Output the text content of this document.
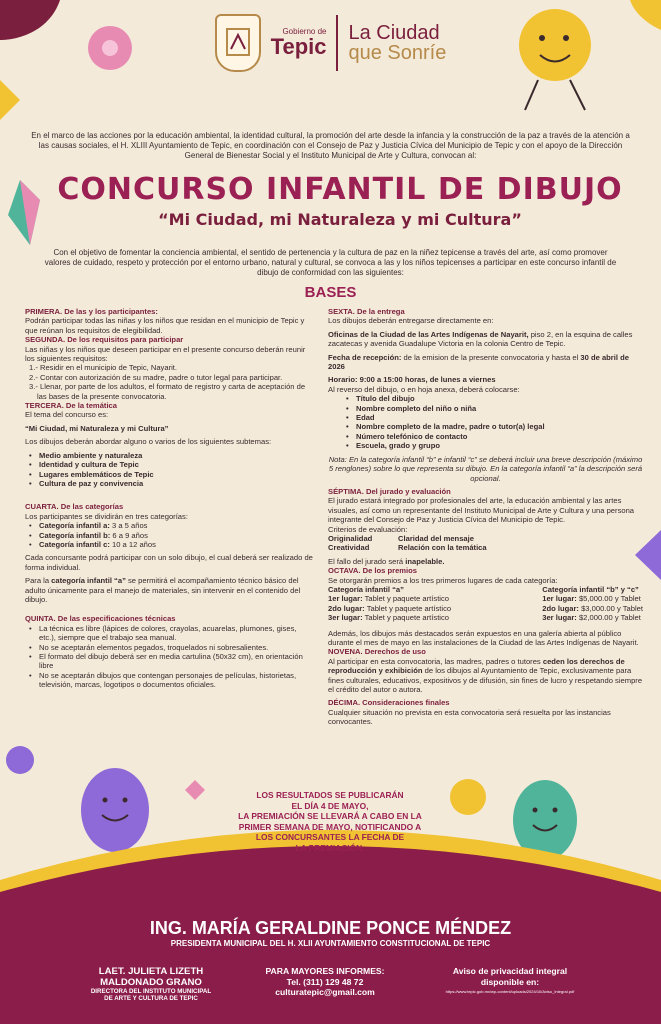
Gobierno de
Tepic
La Ciudad
que Sonríe
En el marco de las acciones por la educación ambiental, la identidad cultural, la promoción del arte desde la infancia y la construcción de la paz a través de la atención a las causas sociales, el H. XLIII Ayuntamiento de Tepic, en coordinación con el Consejo de Paz y Justicia Cívica del Municipio de Tepic y con el apoyo de la Dirección General de Bienestar Social y el Instituto Municipal de Arte y Cultura, convocan al:
CONCURSO INFANTIL DE DIBUJO
“Mi Ciudad, mi Naturaleza y mi Cultura”
Con el objetivo de fomentar la conciencia ambiental, el sentido de pertenencia y la cultura de paz en la niñez tepicense a través del arte, así como promover valores de cuidado, respeto y protección por el entorno urbano, natural y cultural, se convoca a las y los niños tepicenses a participar en este concurso infantil de dibujo de conformidad con las siguientes:
BASES
PRIMERA. De las y los participantes:
Podrán participar todas las niñas y los niños que residan en el municipio de Tepic y que reúnan los requisitos de elegibilidad.
SEGUNDA. De los requisitos para participar
Las niñas y los niños que deseen participar en el presente concurso deberán reunir los siguientes requisitos:
1.- Residir en el municipio de Tepic, Nayarit.
2.- Contar con autorización de su madre, padre o tutor legal para participar.
3.- Llenar, por parte de los adultos, el formato de registro y carta de aceptación de las bases de la presente convocatoria.
TERCERA. De la temática
El tema del concurso es:
“Mi Ciudad, mi Naturaleza y mi Cultura”
Los dibujos deberán abordar alguno o varios de los siguientes subtemas:
• Medio ambiente y naturaleza
• Identidad y cultura de Tepic
• Lugares emblemáticos de Tepic
• Cultura de paz y convivencia
CUARTA. De las categorías
Los participantes se dividirán en tres categorías:
• Categoría infantil a: 3 a 5 años
• Categoría infantil b: 6 a 9 años
• Categoría infantil c: 10 a 12 años
Cada concursante podrá participar con un solo dibujo, el cual deberá ser realizado de forma individual.
Para la categoría infantil “a” se permitirá el acompañamiento técnico básico del adulto únicamente para el manejo de materiales, sin intervenir en el contenido del dibujo.
QUINTA. De las especificaciones técnicas
• La técnica es libre (lápices de colores, crayolas, acuarelas, plumones, gises, etc.), siempre que el trabajo sea manual.
• No se aceptarán elementos pegados, troquelados ni sobresalientes.
• El formato del dibujo deberá ser en media cartulina (50x32 cm), en orientación libre
• No se aceptarán dibujos que contengan personajes de películas, historietas, televisión, marcas, logotipos o documentos oficiales.
SEXTA. De la entrega
Los dibujos deberán entregarse directamente en:
Oficinas de la Ciudad de las Artes Indígenas de Nayarit, piso 2, en la esquina de calles zacatecas y avenida Guadalupe Victoria en la colonia Centro de Tepic.
Fecha de recepción: de la emision de la presente convocatoria y hasta el 30 de abril de 2026
Horario: 9:00 a 15:00 horas, de lunes a viernes
Al reverso del dibujo, o en hoja anexa, deberá colocarse:
• Título del dibujo
• Nombre completo del niño o niña
• Edad
• Nombre completo de la madre, padre o tutor(a) legal
• Número telefónico de contacto
• Escuela, grado y grupo
Nota: En la categoría infantil “b” e infantil “c” se deberá incluir una breve descripción (máximo 5 renglones) sobre lo que representa su dibujo. En la categoría infantil “a” la descripción será opcional.
SÉPTIMA. Del jurado y evaluación
El jurado estará integrado por profesionales del arte, la educación ambiental y las artes visuales, así como un representante del Instituto Municipal de Arte y Cultura y una persona integrante del Consejo de Paz y Justicia Cívica del Municipio de Tepic.
Criterios de evaluación:
Originalidad	Claridad del mensaje
Creatividad	Relación con la temática
El fallo del jurado será inapelable.
OCTAVA. De los premios
Se otorgarán premios a los tres primeros lugares de cada categoría:
Categoría infantil “a”
1er lugar: Tablet y paquete artístico
2do lugar: Tablet y paquete artístico
3er lugar: Tablet y paquete artístico
Categoría infantil “b” y “c”
1er lugar: $5,000.00 y Tablet
2do lugar: $3,000.00 y Tablet
3er lugar: $2,000.00 y Tablet
Además, los dibujos más destacados serán expuestos en una galería abierta al público durante el mes de mayo en las instalaciones de la Ciudad de las Artes Indígenas de Nayarit.
NOVENA. Derechos de uso
Al participar en esta convocatoria, las madres, padres o tutores ceden los derechos de reproducción y exhibición de los dibujos al Ayuntamiento de Tepic, exclusivamente para fines culturales, educativos, expositivos y de difusión, sin fines de lucro y respetando siempre el crédito del autor o autora.
DÉCIMA. Consideraciones finales
Cualquier situación no prevista en esta convocatoria será resuelta por las instancias convocantes.
LOS RESULTADOS SE PUBLICARÁN
EL DÍA 4 DE MAYO,
LA PREMIACIÓN SE LLEVARÁ A CABO EN LA
PRIMER SEMANA DE MAYO, NOTIFICANDO A
LOS CONCURSANTES LA FECHA DE
LA PREMIACIÓN.
ING. MARÍA GERALDINE PONCE MÉNDEZ
PRESIDENTA MUNICIPAL DEL H. XLII AYUNTAMIENTO CONSTITUCIONAL DE TEPIC
LAET. JULIETA LIZETH
MALDONADO GRANO
DIRECTORA DEL INSTITUTO MUNICIPAL
DE ARTE Y CULTURA DE TEPIC
PARA MAYORES INFORMES:
Tel. (311) 129 48 72
culturatepic@gmail.com
Aviso de privacidad integral
disponible en:
https://www.tepic.gob.mx/wp-content/uploads/2024/10/Aviso_Integral.pdf
